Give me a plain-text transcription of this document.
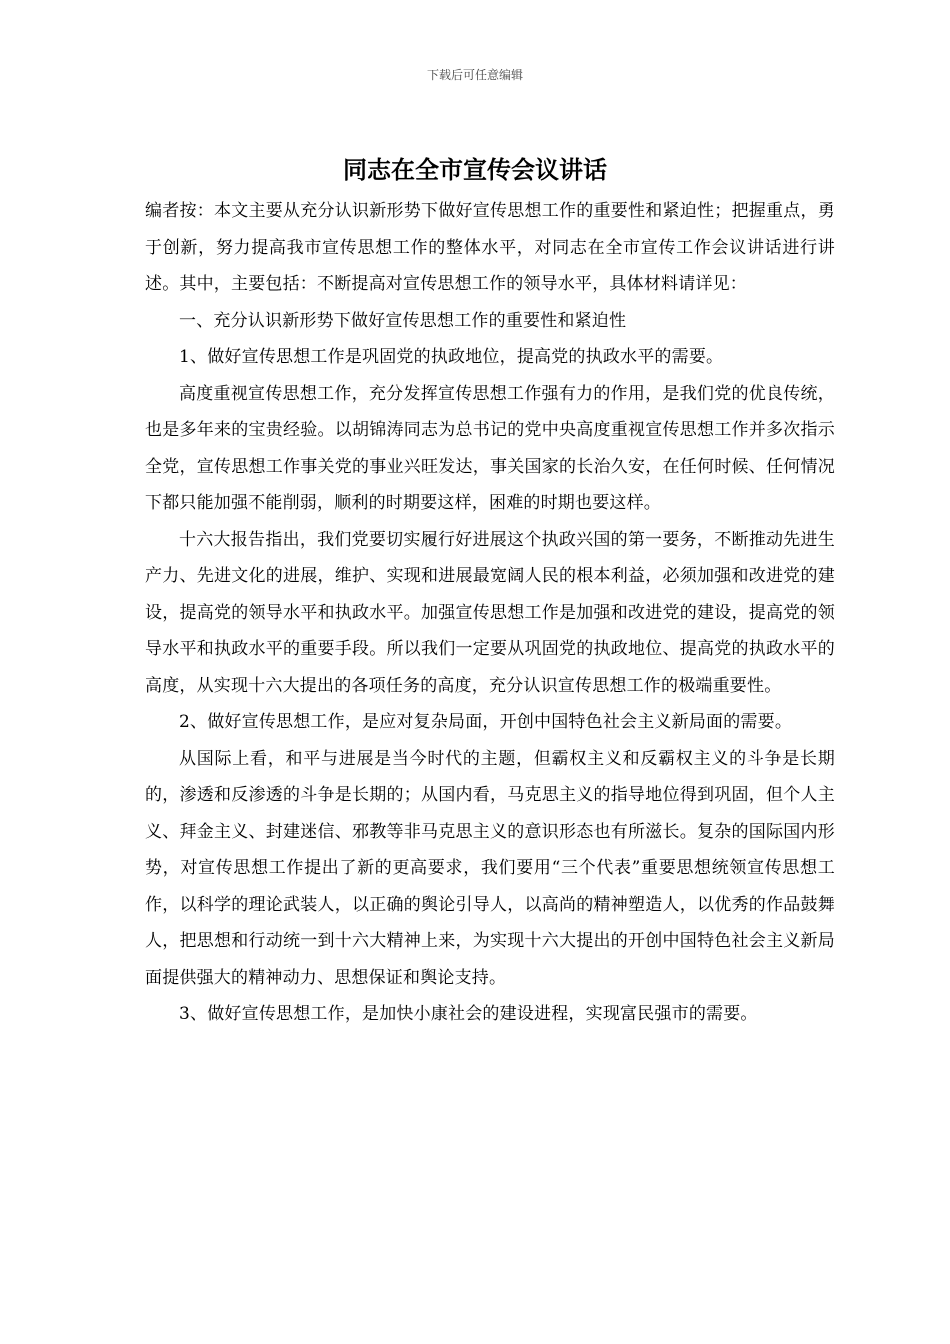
下载后可任意编辑
同志在全市宣传会议讲话

编者按：本文主要从充分认识新形势下做好宣传思想工作的重要性和紧迫性；把握重点，勇于创新，努力提高我市宣传思想工作的整体水平，对同志在全市宣传工作会议讲话进行讲述。其中，主要包括：不断提高对宣传思想工作的领导水平，具体材料请详见：

一、充分认识新形势下做好宣传思想工作的重要性和紧迫性

1、做好宣传思想工作是巩固党的执政地位，提高党的执政水平的需要。

高度重视宣传思想工作，充分发挥宣传思想工作强有力的作用，是我们党的优良传统，也是多年来的宝贵经验。以胡锦涛同志为总书记的党中央高度重视宣传思想工作并多次指示全党，宣传思想工作事关党的事业兴旺发达，事关国家的长治久安，在任何时候、任何情况下都只能加强不能削弱，顺利的时期要这样，困难的时期也要这样。

十六大报告指出，我们党要切实履行好进展这个执政兴国的第一要务，不断推动先进生产力、先进文化的进展，维护、实现和进展最宽阔人民的根本利益，必须加强和改进党的建设，提高党的领导水平和执政水平。加强宣传思想工作是加强和改进党的建设，提高党的领导水平和执政水平的重要手段。所以我们一定要从巩固党的执政地位、提高党的执政水平的高度，从实现十六大提出的各项任务的高度，充分认识宣传思想工作的极端重要性。

2、做好宣传思想工作，是应对复杂局面，开创中国特色社会主义新局面的需要。

从国际上看，和平与进展是当今时代的主题，但霸权主义和反霸权主义的斗争是长期的，渗透和反渗透的斗争是长期的；从国内看，马克思主义的指导地位得到巩固，但个人主义、拜金主义、封建迷信、邪教等非马克思主义的意识形态也有所滋长。复杂的国际国内形势，对宣传思想工作提出了新的更高要求，我们要用“三个代表”重要思想统领宣传思想工作，以科学的理论武装人，以正确的舆论引导人，以高尚的精神塑造人，以优秀的作品鼓舞人，把思想和行动统一到十六大精神上来，为实现十六大提出的开创中国特色社会主义新局面提供强大的精神动力、思想保证和舆论支持。

3、做好宣传思想工作，是加快小康社会的建设进程，实现富民强市的需要。
